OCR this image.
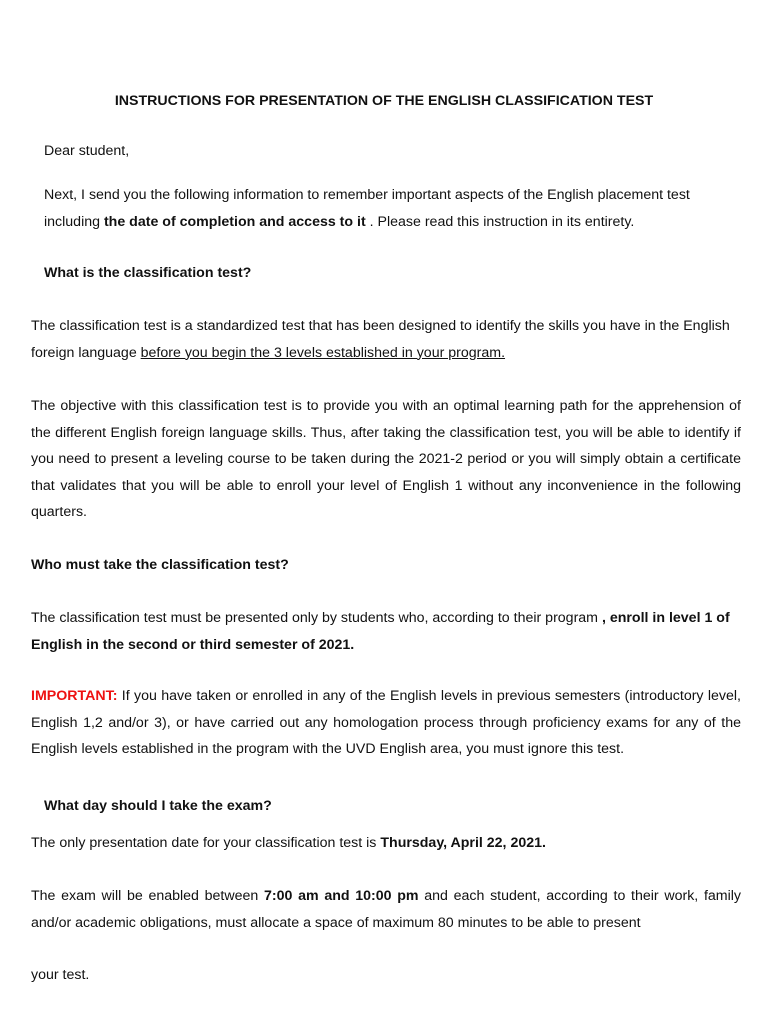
INSTRUCTIONS FOR PRESENTATION OF THE ENGLISH CLASSIFICATION TEST
Dear student,
Next, I send you the following information to remember important aspects of the English placement test including the date of completion and access to it . Please read this instruction in its entirety.
What is the classification test?
The classification test is a standardized test that has been designed to identify the skills you have in the English foreign language before you begin the 3 levels established in your program.
The objective with this classification test is to provide you with an optimal learning path for the apprehension of the different English foreign language skills. Thus, after taking the classification test, you will be able to identify if you need to present a leveling course to be taken during the 2021-2 period or you will simply obtain a certificate that validates that you will be able to enroll your level of English 1 without any inconvenience in the following quarters.
Who must take the classification test?
The classification test must be presented only by students who, according to their program , enroll in level 1 of English in the second or third semester of 2021.
IMPORTANT: If you have taken or enrolled in any of the English levels in previous semesters (introductory level, English 1,2 and/or 3), or have carried out any homologation process through proficiency exams for any of the English levels established in the program with the UVD English area, you must ignore this test.
What day should I take the exam?
The only presentation date for your classification test is Thursday, April 22, 2021.
The exam will be enabled between 7:00 am and 10:00 pm and each student, according to their work, family and/or academic obligations, must allocate a space of maximum 80 minutes to be able to present
your test.
